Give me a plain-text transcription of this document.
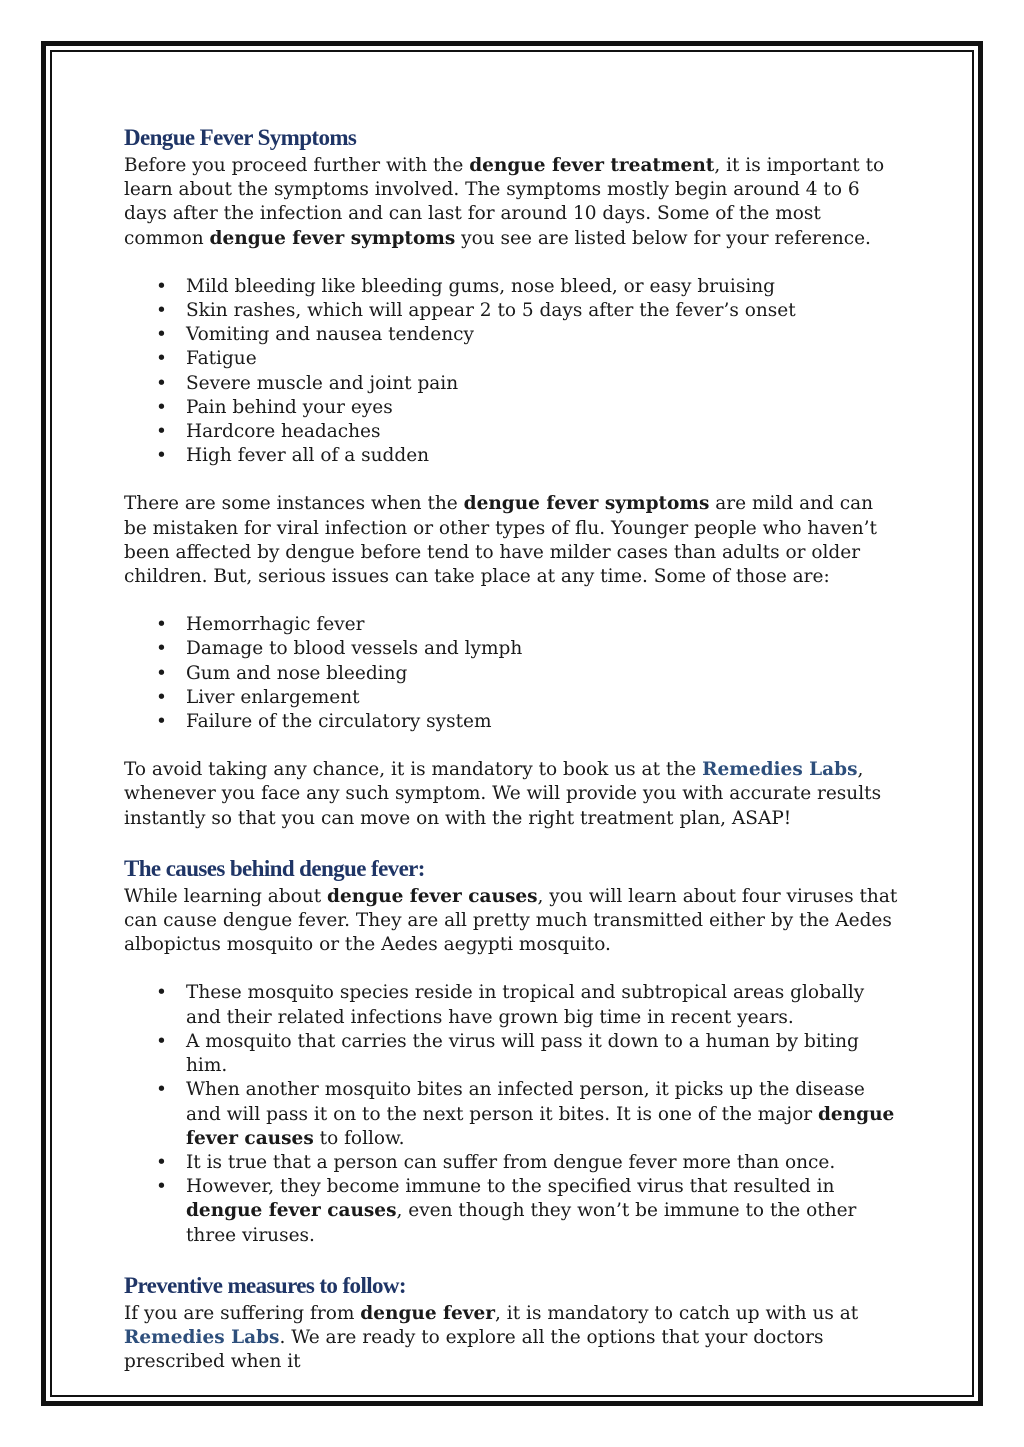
Dengue Fever Symptoms

Before you proceed further with the dengue fever treatment, it is important to learn about the symptoms involved. The symptoms mostly begin around 4 to 6 days after the infection and can last for around 10 days. Some of the most common dengue fever symptoms you see are listed below for your reference.

• Mild bleeding like bleeding gums, nose bleed, or easy bruising
• Skin rashes, which will appear 2 to 5 days after the fever’s onset
• Vomiting and nausea tendency
• Fatigue
• Severe muscle and joint pain
• Pain behind your eyes
• Hardcore headaches
• High fever all of a sudden

There are some instances when the dengue fever symptoms are mild and can be mistaken for viral infection or other types of flu. Younger people who haven’t been affected by dengue before tend to have milder cases than adults or older children. But, serious issues can take place at any time. Some of those are:

• Hemorrhagic fever
• Damage to blood vessels and lymph
• Gum and nose bleeding
• Liver enlargement
• Failure of the circulatory system

To avoid taking any chance, it is mandatory to book us at the Remedies Labs, whenever you face any such symptom. We will provide you with accurate results instantly so that you can move on with the right treatment plan, ASAP!

The causes behind dengue fever:

While learning about dengue fever causes, you will learn about four viruses that can cause dengue fever. They are all pretty much transmitted either by the Aedes albopictus mosquito or the Aedes aegypti mosquito.

• These mosquito species reside in tropical and subtropical areas globally and their related infections have grown big time in recent years.
• A mosquito that carries the virus will pass it down to a human by biting him.
• When another mosquito bites an infected person, it picks up the disease and will pass it on to the next person it bites. It is one of the major dengue fever causes to follow.
• It is true that a person can suffer from dengue fever more than once.
• However, they become immune to the specified virus that resulted in dengue fever causes, even though they won’t be immune to the other three viruses.
Preventive measures to follow:

If you are suffering from dengue fever, it is mandatory to catch up with us at Remedies Labs. We are ready to explore all the options that your doctors prescribed when it
